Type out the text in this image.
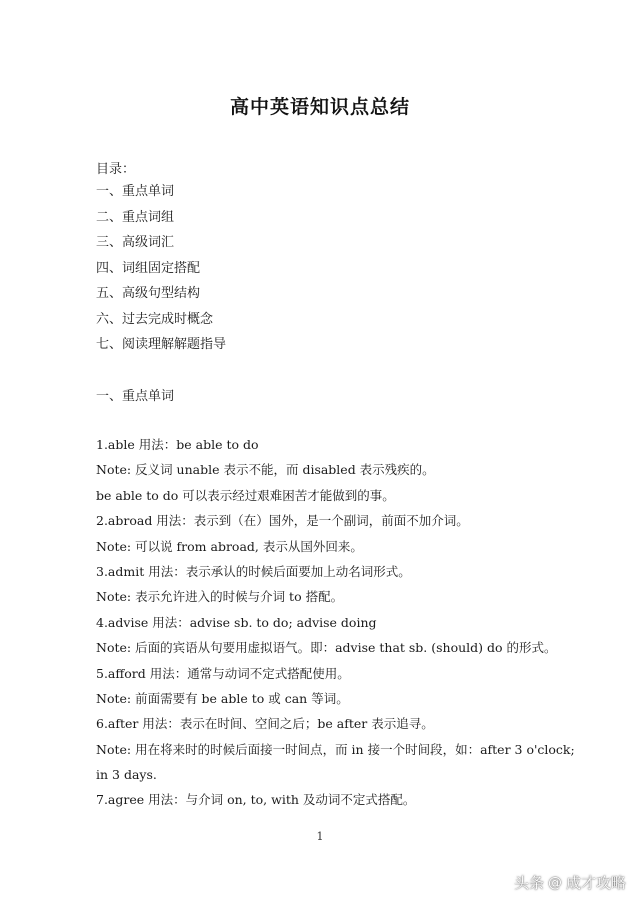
高中英语知识点总结
目录：
一、重点单词
二、重点词组
三、高级词汇
四、词组固定搭配
五、高级句型结构
六、过去完成时概念
七、阅读理解解题指导
一、重点单词
1.able 用法：be able to do
Note: 反义词 unable 表示不能，而 disabled 表示残疾的。
be able to do 可以表示经过艰难困苦才能做到的事。
2.abroad 用法：表示到（在）国外，是一个副词，前面不加介词。
Note: 可以说 from abroad, 表示从国外回来。
3.admit 用法：表示承认的时候后面要加上动名词形式。
Note: 表示允许进入的时候与介词 to 搭配。
4.advise 用法：advise sb. to do; advise doing
Note: 后面的宾语从句要用虚拟语气。即：advise that sb. (should) do 的形式。
5.afford 用法：通常与动词不定式搭配使用。
Note: 前面需要有 be able to 或 can 等词。
6.after 用法：表示在时间、空间之后；be after 表示追寻。
Note: 用在将来时的时候后面接一时间点，而 in 接一个时间段，如：after 3 o'clock;
in 3 days.
7.agree 用法：与介词 on, to, with 及动词不定式搭配。
1
头条 @ 成才攻略
